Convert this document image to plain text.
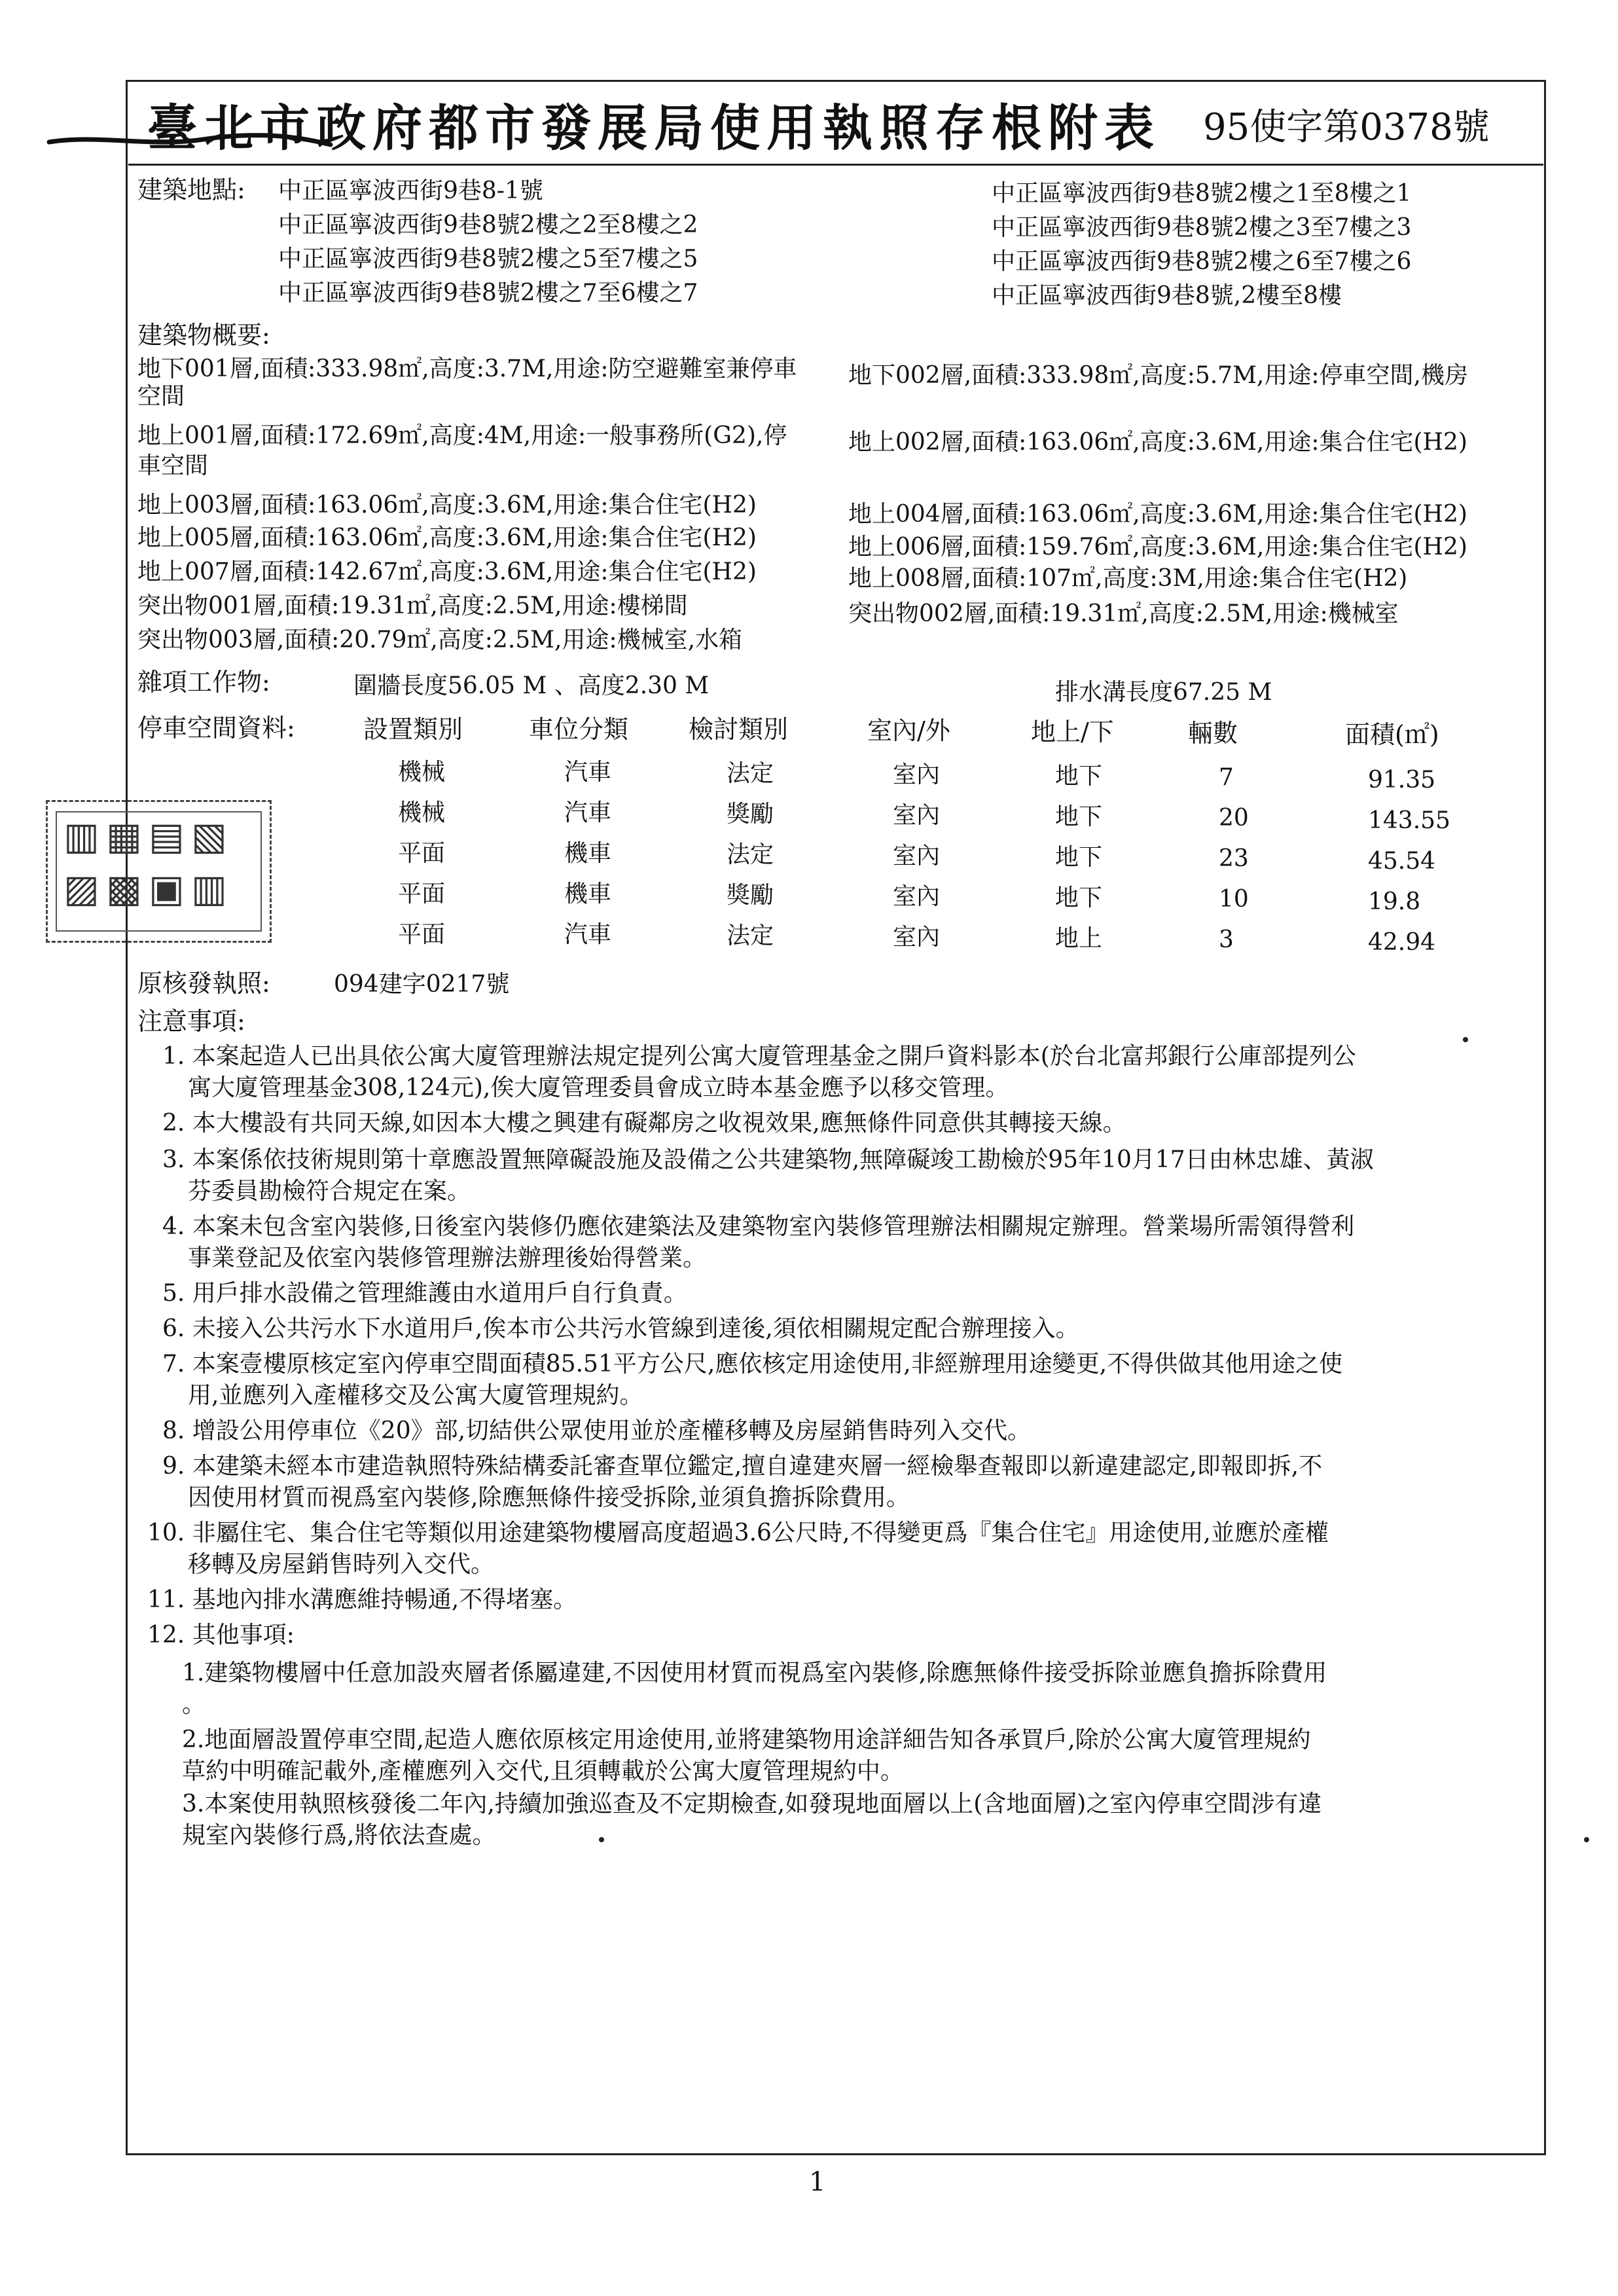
臺北市政府都市發展局使用執照存根附表 95使字第0378號
建築地點: 中正區寧波西街9巷8-1號
中正區寧波西街9巷8號2樓之2至8樓之2
中正區寧波西街9巷8號2樓之5至7樓之5
中正區寧波西街9巷8號2樓之7至6樓之7
中正區寧波西街9巷8號2樓之1至8樓之1
中正區寧波西街9巷8號2樓之3至7樓之3
中正區寧波西街9巷8號2樓之6至7樓之6
中正區寧波西街9巷8號,2樓至8樓
建築物概要:
地下001層,面積:333.98㎡,高度:3.7M,用途:防空避難室兼停車
空間
地下002層,面積:333.98㎡,高度:5.7M,用途:停車空間,機房
地上001層,面積:172.69㎡,高度:4M,用途:一般事務所(G2),停
車空間
地上002層,面積:163.06㎡,高度:3.6M,用途:集合住宅(H2)
地上003層,面積:163.06㎡,高度:3.6M,用途:集合住宅(H2)	地上004層,面積:163.06㎡,高度:3.6M,用途:集合住宅(H2)
地上005層,面積:163.06㎡,高度:3.6M,用途:集合住宅(H2)	地上006層,面積:159.76㎡,高度:3.6M,用途:集合住宅(H2)
地上007層,面積:142.67㎡,高度:3.6M,用途:集合住宅(H2)	地上008層,面積:107㎡,高度:3M,用途:集合住宅(H2)
突出物001層,面積:19.31㎡,高度:2.5M,用途:樓梯間	突出物002層,面積:19.31㎡,高度:2.5M,用途:機械室
突出物003層,面積:20.79㎡,高度:2.5M,用途:機械室,水箱
雜項工作物:	圍牆長度56.05 M 、高度2.30 M	排水溝長度67.25 M
停車空間資料:	設置類別	車位分類 檢討類別	室內/外	地上/下	輛數	面積(㎡)
機械	汽車	法定	室內	地下	7	91.35
機械	汽車	獎勵	室內	地下	20	143.55
平面	機車	法定	室內	地下	23	45.54
平面	機車	獎勵	室內	地下	10	19.8
平面	汽車	法定	室內	地上	3	42.94
▥ ▦ ▤ ▧
▨ ▩ ▣ ▥
原核發執照:	094建字0217號
注意事項:
1. 本案起造人已出具依公寓大廈管理辦法規定提列公寓大廈管理基金之開戶資料影本(於台北富邦銀行公庫部提列公
寓大廈管理基金308,124元),俟大廈管理委員會成立時本基金應予以移交管理。
2. 本大樓設有共同天線,如因本大樓之興建有礙鄰房之收視效果,應無條件同意供其轉接天線。
3. 本案係依技術規則第十章應設置無障礙設施及設備之公共建築物,無障礙竣工勘檢於95年10月17日由林忠雄、黃淑
芬委員勘檢符合規定在案。
4. 本案未包含室內裝修,日後室內裝修仍應依建築法及建築物室內裝修管理辦法相關規定辦理。營業場所需領得營利
事業登記及依室內裝修管理辦法辦理後始得營業。
5. 用戶排水設備之管理維護由水道用戶自行負責。
6. 未接入公共污水下水道用戶,俟本市公共污水管線到達後,須依相關規定配合辦理接入。
7. 本案壹樓原核定室內停車空間面積85.51平方公尺,應依核定用途使用,非經辦理用途變更,不得供做其他用途之使
用,並應列入產權移交及公寓大廈管理規約。
8. 增設公用停車位《20》部,切結供公眾使用並於產權移轉及房屋銷售時列入交代。
9. 本建築未經本市建造執照特殊結構委託審查單位鑑定,擅自違建夾層一經檢舉查報即以新違建認定,即報即拆,不
因使用材質而視爲室內裝修,除應無條件接受拆除,並須負擔拆除費用。
10. 非屬住宅、集合住宅等類似用途建築物樓層高度超過3.6公尺時,不得變更爲『集合住宅』用途使用,並應於產權
移轉及房屋銷售時列入交代。
11. 基地內排水溝應維持暢通,不得堵塞。
12. 其他事項:
1.建築物樓層中任意加設夾層者係屬違建,不因使用材質而視爲室內裝修,除應無條件接受拆除並應負擔拆除費用
。
2.地面層設置停車空間,起造人應依原核定用途使用,並將建築物用途詳細告知各承買戶,除於公寓大廈管理規約
草約中明確記載外,產權應列入交代,且須轉載於公寓大廈管理規約中。
3.本案使用執照核發後二年內,持續加強巡查及不定期檢查,如發現地面層以上(含地面層)之室內停車空間涉有違
規室內裝修行爲,將依法查處。
1
